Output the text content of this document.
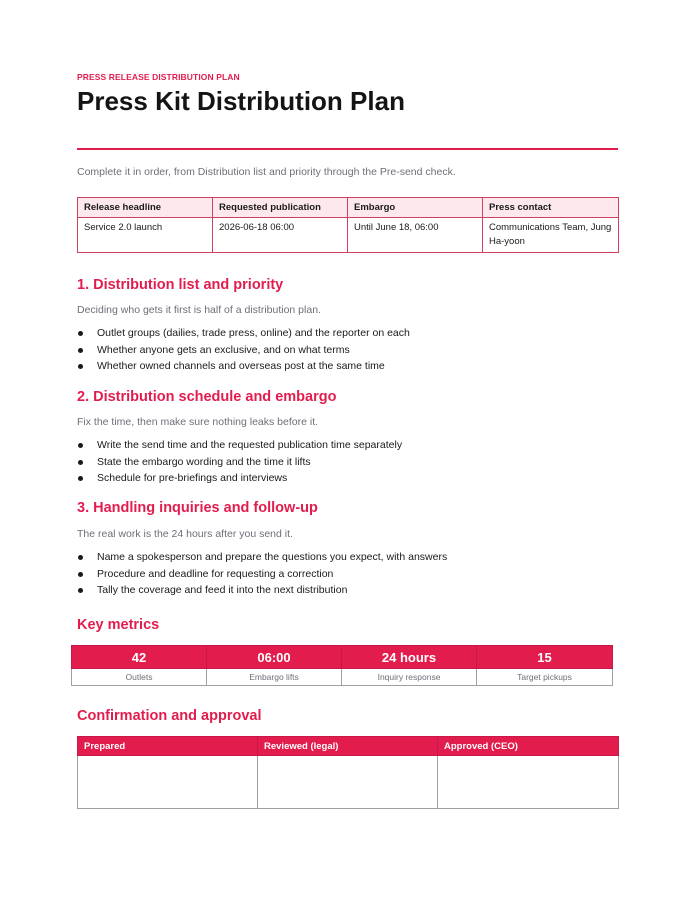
PRESS RELEASE DISTRIBUTION PLAN
Press Kit Distribution Plan
Complete it in order, from Distribution list and priority through the Pre-send check.
Release headline	Requested publication	Embargo	Press contact
Service 2.0 launch	2026-06-18 06:00	Until June 18, 06:00	Communications Team, Jung Ha-yoon
1. Distribution list and priority
Deciding who gets it first is half of a distribution plan.
Outlet groups (dailies, trade press, online) and the reporter on each
Whether anyone gets an exclusive, and on what terms
Whether owned channels and overseas post at the same time
2. Distribution schedule and embargo
Fix the time, then make sure nothing leaks before it.
Write the send time and the requested publication time separately
State the embargo wording and the time it lifts
Schedule for pre-briefings and interviews
3. Handling inquiries and follow-up
The real work is the 24 hours after you send it.
Name a spokesperson and prepare the questions you expect, with answers
Procedure and deadline for requesting a correction
Tally the coverage and feed it into the next distribution
Key metrics
Confirmation and approval
Prepared	Reviewed (legal)	Approved (CEO)

42	06:00	24 hours	15
Outlets	Embargo lifts	Inquiry response	Target pickups
